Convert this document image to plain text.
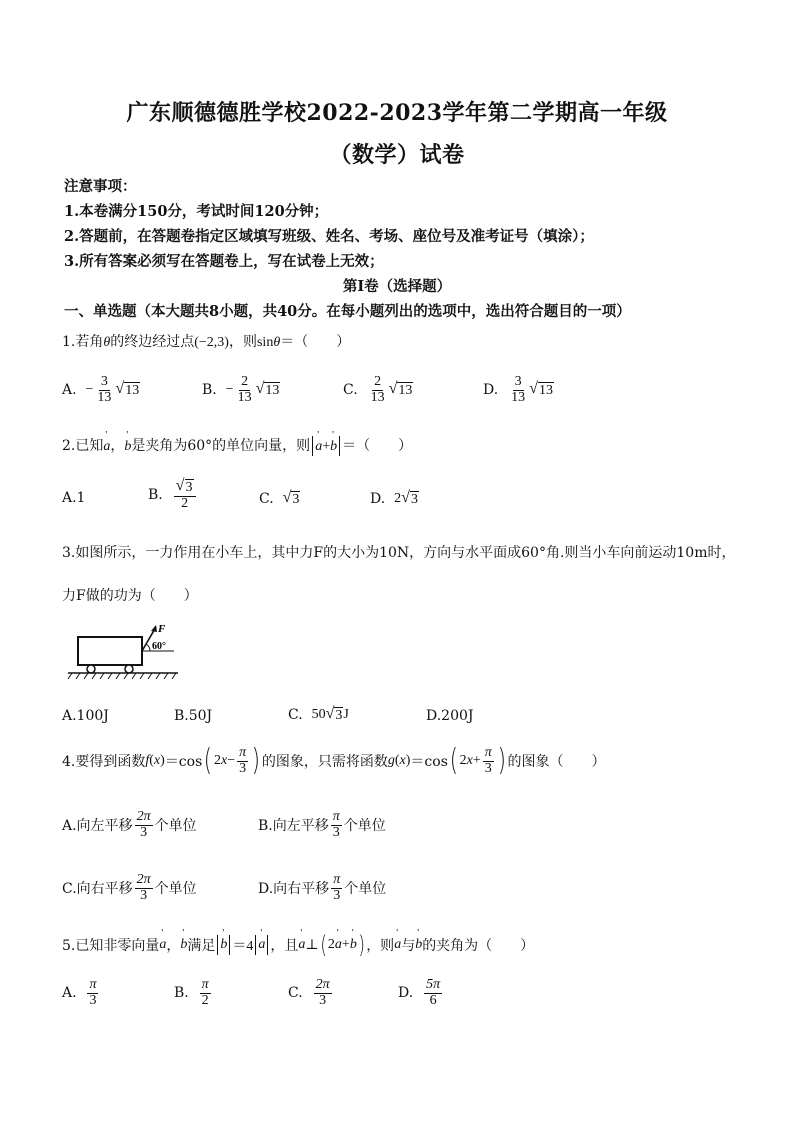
广东顺德德胜学校2022-2023学年第二学期高一年级
（数学）试卷
注意事项：
1.本卷满分150分，考试时间120分钟；
2.答题前，在答题卷指定区域填写班级、姓名、考场、座位号及准考证号（填涂）；
3.所有答案必须写在答题卷上，写在试卷上无效；
第Ⅰ卷（选择题）
一、单选题（本大题共8小题，共40分。在每小题列出的选项中，选出符合题目的一项）
1.若角θ的终边经过点(−2,3)，则sinθ＝（　　）
A.
− $\frac{3}{13}$ √ 13	B.
− $\frac{2}{13}$ √ 13	C.
$\frac{2}{13}$ √ 13	D.
$\frac{3}{13}$ √ 13
2.已知' a，' b是夹角为60°的单位向量，则 ' a+' b ＝（　　）
A.1	B.
$\frac{√ 3}{2}$	C.
√ 3	D.
2 √ 3
3.如图所示，一力作用在小车上，其中力F的大小为10N，方向与水平面成60°角.则当小车向前运动10m时，
力F做的功为（　　）
F
60°
A.100J	B.50J	C.
50 √ 3 J	D.200J
4.要得到函数 f ( x ) ＝cos ( 2 $x - \frac{\pi}{3}$ ) 的图象，只需将函数 g ( x ) ＝cos ( 2 $x + \frac{\pi}{3}$ ) 的图象（　　）
A.向左平移 $\frac{2\pi}{3}$ 个单位	B.向左平移 $\frac{\pi}{3}$ 个单位
C.向右平移 $\frac{2\pi}{3}$ 个单位	D.向右平移 $\frac{\pi}{3}$ 个单位
5.已知非零向量 ' a ， ' b 满足 ' b ＝4 ' a ，且 ' a ⊥ ( 2 ' a + ' b ) ，则 ' a 与 ' b 的夹角为（　　）
A.
$\frac{\pi}{3}$	B.
$\frac{\pi}{2}$	C.
$\frac{2\pi}{3}$	D.
$\frac{5\pi}{6}$
